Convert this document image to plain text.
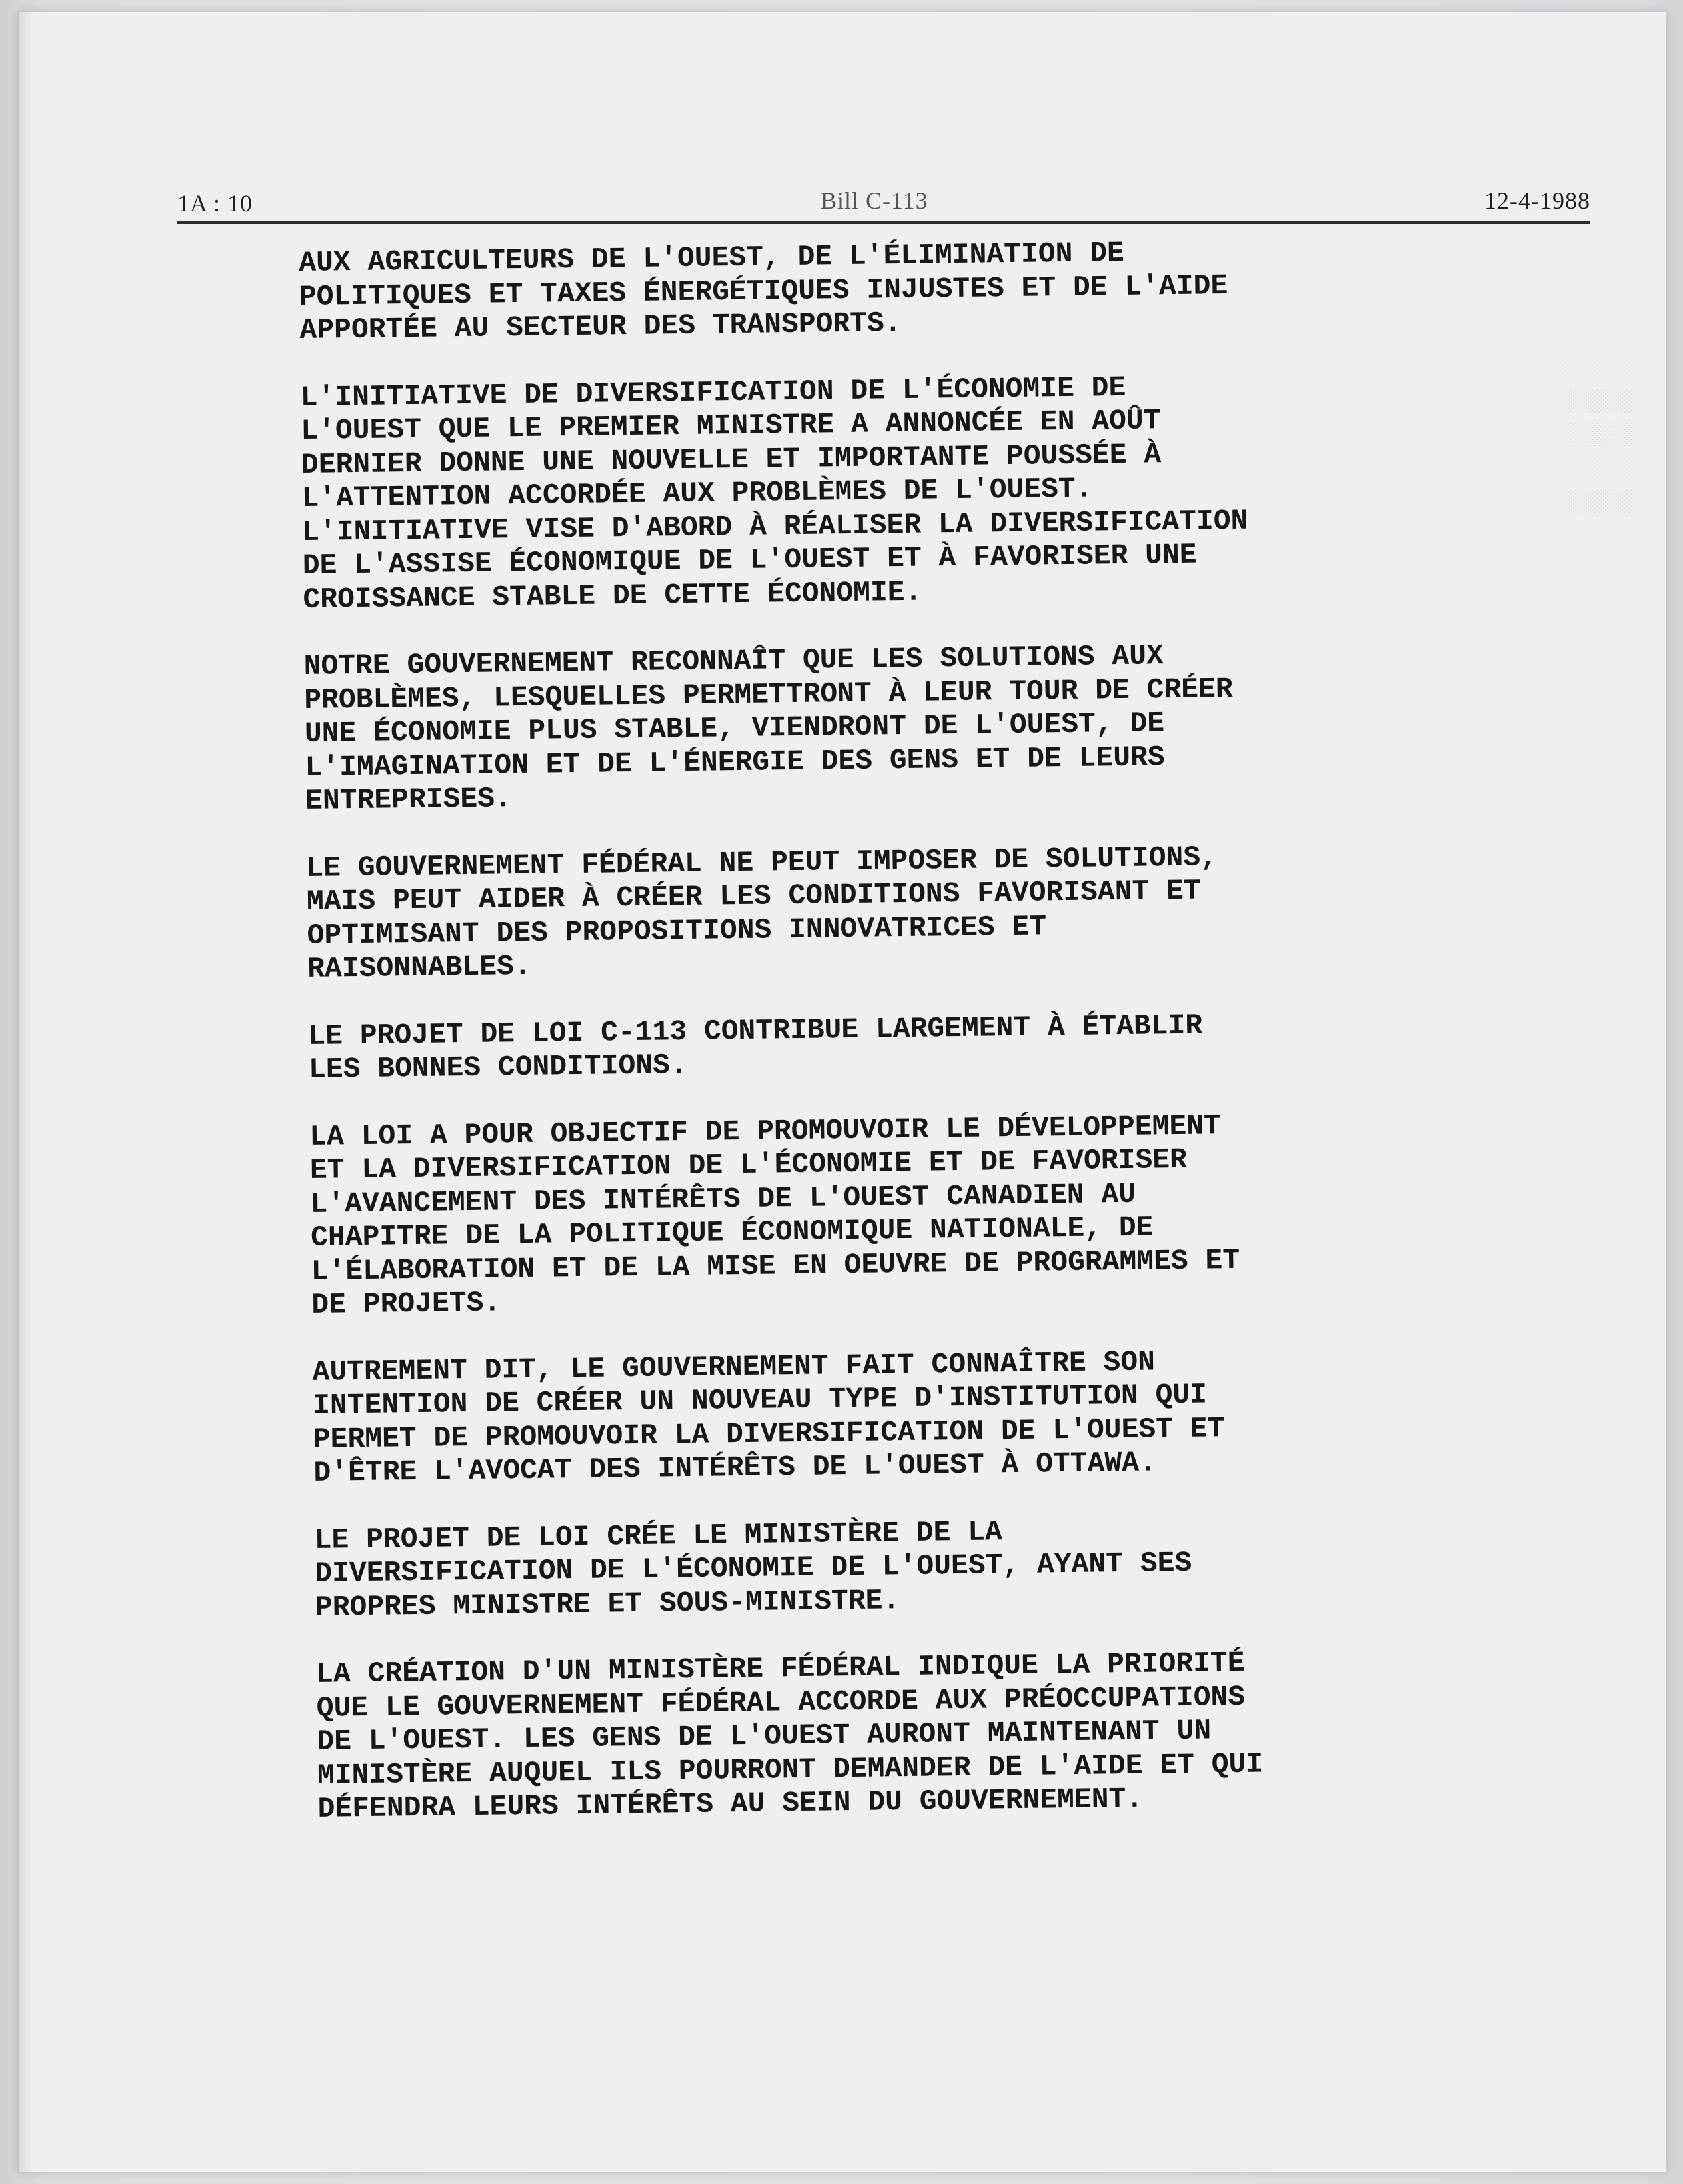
1A : 10	Bill C-113	12-4-1988
░░░░░░
░░░░░
░░░░░
░░░░
░░░░░

AUX AGRICULTEURS DE L'OUEST, DE L'ÉLIMINATION DE
POLITIQUES ET TAXES ÉNERGÉTIQUES INJUSTES ET DE L'AIDE
APPORTÉE AU SECTEUR DES TRANSPORTS.

L'INITIATIVE DE DIVERSIFICATION DE L'ÉCONOMIE DE
L'OUEST QUE LE PREMIER MINISTRE A ANNONCÉE EN AOÛT
DERNIER DONNE UNE NOUVELLE ET IMPORTANTE POUSSÉE À
L'ATTENTION ACCORDÉE AUX PROBLÈMES DE L'OUEST.
L'INITIATIVE VISE D'ABORD À RÉALISER LA DIVERSIFICATION
DE L'ASSISE ÉCONOMIQUE DE L'OUEST ET À FAVORISER UNE
CROISSANCE STABLE DE CETTE ÉCONOMIE.

NOTRE GOUVERNEMENT RECONNAÎT QUE LES SOLUTIONS AUX
PROBLÈMES, LESQUELLES PERMETTRONT À LEUR TOUR DE CRÉER
UNE ÉCONOMIE PLUS STABLE, VIENDRONT DE L'OUEST, DE
L'IMAGINATION ET DE L'ÉNERGIE DES GENS ET DE LEURS
ENTREPRISES.

LE GOUVERNEMENT FÉDÉRAL NE PEUT IMPOSER DE SOLUTIONS,
MAIS PEUT AIDER À CRÉER LES CONDITIONS FAVORISANT ET
OPTIMISANT DES PROPOSITIONS INNOVATRICES ET
RAISONNABLES.

LE PROJET DE LOI C-113 CONTRIBUE LARGEMENT À ÉTABLIR
LES BONNES CONDITIONS.

LA LOI A POUR OBJECTIF DE PROMOUVOIR LE DÉVELOPPEMENT
ET LA DIVERSIFICATION DE L'ÉCONOMIE ET DE FAVORISER
L'AVANCEMENT DES INTÉRÊTS DE L'OUEST CANADIEN AU
CHAPITRE DE LA POLITIQUE ÉCONOMIQUE NATIONALE, DE
L'ÉLABORATION ET DE LA MISE EN OEUVRE DE PROGRAMMES ET
DE PROJETS.

AUTREMENT DIT, LE GOUVERNEMENT FAIT CONNAÎTRE SON
INTENTION DE CRÉER UN NOUVEAU TYPE D'INSTITUTION QUI
PERMET DE PROMOUVOIR LA DIVERSIFICATION DE L'OUEST ET
D'ÊTRE L'AVOCAT DES INTÉRÊTS DE L'OUEST À OTTAWA.

LE PROJET DE LOI CRÉE LE MINISTÈRE DE LA
DIVERSIFICATION DE L'ÉCONOMIE DE L'OUEST, AYANT SES
PROPRES MINISTRE ET SOUS-MINISTRE.

LA CRÉATION D'UN MINISTÈRE FÉDÉRAL INDIQUE LA PRIORITÉ
QUE LE GOUVERNEMENT FÉDÉRAL ACCORDE AUX PRÉOCCUPATIONS
DE L'OUEST. LES GENS DE L'OUEST AURONT MAINTENANT UN
MINISTÈRE AUQUEL ILS POURRONT DEMANDER DE L'AIDE ET QUI
DÉFENDRA LEURS INTÉRÊTS AU SEIN DU GOUVERNEMENT.
